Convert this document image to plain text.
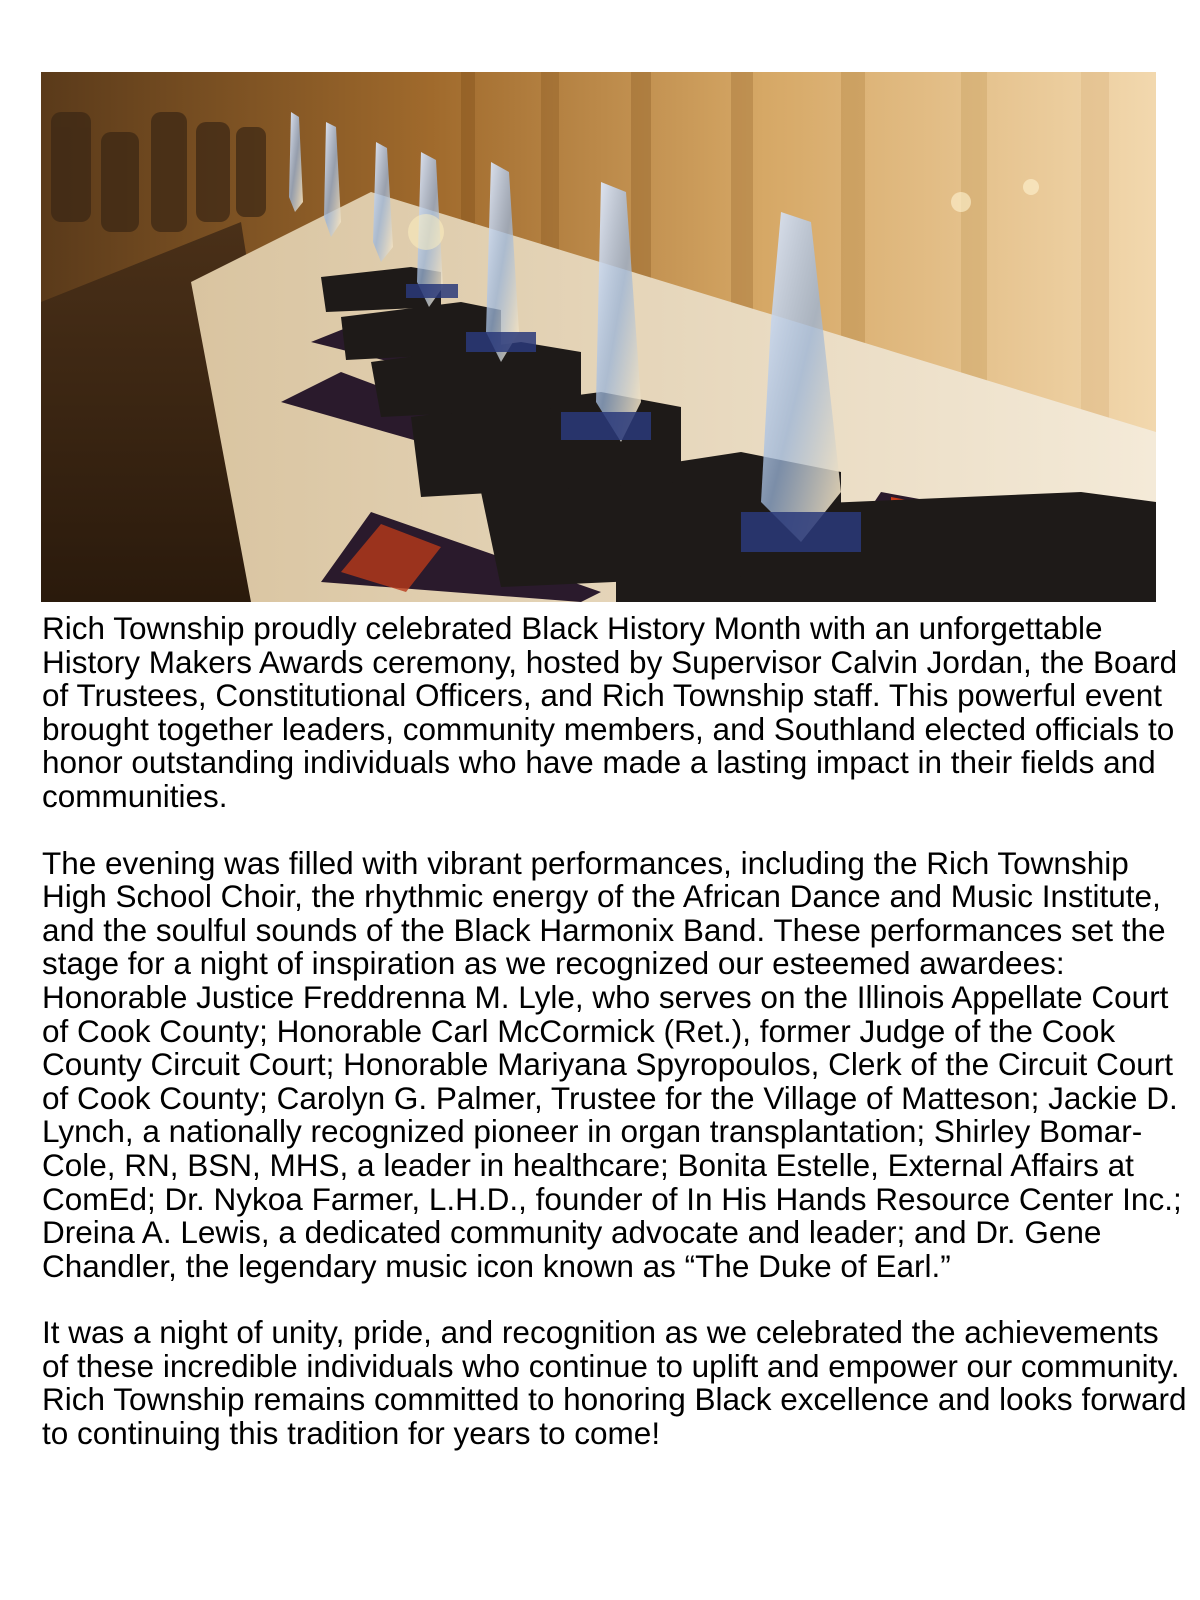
Rich Township proudly celebrated Black History Month with an unforgettable History Makers Awards ceremony, hosted by Supervisor Calvin Jordan, the Board of Trustees, Constitutional Officers, and Rich Township staff. This powerful event brought together leaders, community members, and Southland elected officials to honor outstanding individuals who have made a lasting impact in their fields and communities.

The evening was filled with vibrant performances, including the Rich Township High School Choir, the rhythmic energy of the African Dance and Music Institute, and the soulful sounds of the Black Harmonix Band. These performances set the stage for a night of inspiration as we recognized our esteemed awardees: Honorable Justice Freddrenna M. Lyle, who serves on the Illinois Appellate Court of Cook County; Honorable Carl McCormick (Ret.), former Judge of the Cook County Circuit Court; Honorable Mariyana Spyropoulos, Clerk of the Circuit Court of Cook County; Carolyn G. Palmer, Trustee for the Village of Matteson; Jackie D. Lynch, a nationally recognized pioneer in organ transplantation; Shirley Bomar-Cole, RN, BSN, MHS, a leader in healthcare; Bonita Estelle, External Affairs at ComEd; Dr. Nykoa Farmer, L.H.D., founder of In His Hands Resource Center Inc.; Dreina A. Lewis, a dedicated community advocate and leader; and Dr. Gene Chandler, the legendary music icon known as “The Duke of Earl.”

It was a night of unity, pride, and recognition as we celebrated the achievements of these incredible individuals who continue to uplift and empower our community. Rich Township remains committed to honoring Black excellence and looks forward to continuing this tradition for years to come!
